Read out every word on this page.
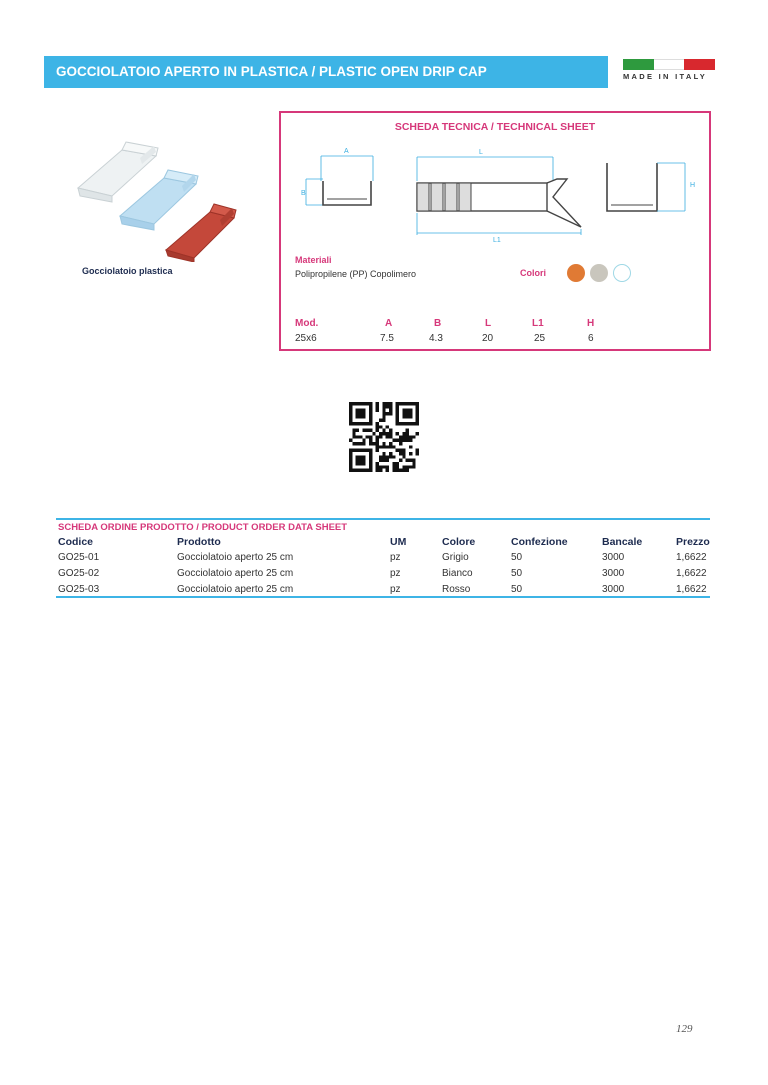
GOCCIOLATOIO APERTO IN PLASTICA / PLASTIC OPEN DRIP CAP	MADE IN ITALY
Gocciolatoio plastica
SCHEDA TECNICA / TECHNICAL SHEET
A
B
L
L1
H
Materiali
Polipropilene (PP) Copolimero	Colori
Mod.	A	B	L	L1	H
25x6	7.5	4.3	20	25	6
SCHEDA ORDINE PRODOTTO / PRODUCT ORDER DATA SHEET
Codice	Prodotto	UM	Colore	Confezione	Bancale	Prezzo
GO25-01	Gocciolatoio aperto 25 cm	pz	Grigio	50	3000	1,6622
GO25-02	Gocciolatoio aperto 25 cm	pz	Bianco	50	3000	1,6622
GO25-03	Gocciolatoio aperto 25 cm	pz	Rosso	50	3000	1,6622
129
